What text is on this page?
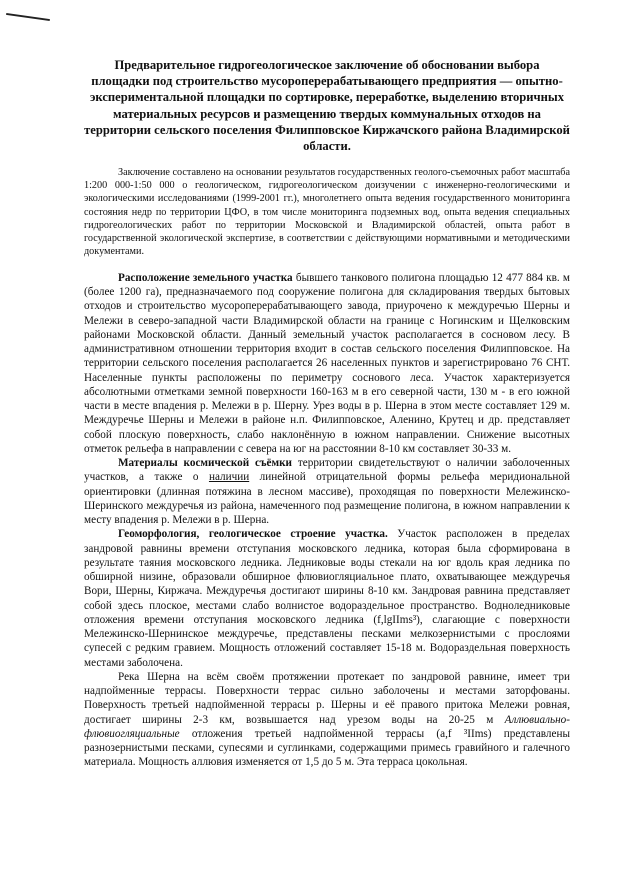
Предварительное гидрогеологическое заключение об обосновании выбора площадки под строительство мусороперерабатывающего предприятия — опытно-экспериментальной площадки по сортировке, переработке, выделению вторичных материальных ресурсов и размещению твердых коммунальных отходов на территории сельского поселения Филипповское Киржачского района Владимирской области.
Заключение составлено на основании результатов государственных геолого-съемочных работ масштаба 1:200 000-1:50 000 о геологическом, гидрогеологическом доизучении с инженерно-геологическими и экологическими исследованиями (1999-2001 гг.), многолетнего опыта ведения государственного мониторинга состояния недр по территории ЦФО, в том числе мониторинга подземных вод, опыта ведения специальных гидрогеологических работ по территории Московской и Владимирской областей, опыта работ в государственной экологической экспертизе, в соответствии с действующими нормативными и методическими документами.

Расположение земельного участка бывшего танкового полигона площадью 12 477 884 кв. м (более 1200 га), предназначаемого под сооружение полигона для складирования твердых бытовых отходов и строительство мусороперерабатывающего завода, приурочено к междуречью Шерны и Мележи в северо-западной части Владимирской области на границе с Ногинским и Щелковским районами Московской области. Данный земельный участок располагается в сосновом лесу. В административном отношении территория входит в состав сельского поселения Филипповское. На территории сельского поселения располагается 26 населенных пунктов и зарегистрировано 76 СНТ. Населенные пункты расположены по периметру соснового леса. Участок характеризуется абсолютными отметками земной поверхности 160-163 м в его северной части, 130 м - в его южной части в месте впадения р. Мележи в р. Шерну. Урез воды в р. Шерна в этом месте составляет 129 м. Междуречье Шерны и Мележи в районе н.п. Филипповское, Аленино, Крутец и др. представляет собой плоскую поверхность, слабо наклонённую в южном направлении. Снижение высотных отметок рельефа в направлении с севера на юг на расстоянии 8-10 км составляет 30-33 м.

Материалы космической съёмки территории свидетельствуют о наличии заболоченных участков, а также о наличии линейной отрицательной формы рельефа меридиональной ориентировки (длинная потяжина в лесном массиве), проходящая по поверхности Мележинско-Шеринского междуречья из района, намеченного под размещение полигона, в южном направлении к месту впадения р. Мележи в р. Шерна.

Геоморфология, геологическое строение участка. Участок расположен в пределах зандровой равнины времени отступания московского ледника, которая была сформирована в результате таяния московского ледника. Ледниковые воды стекали на юг вдоль края ледника по обширной низине, образовали обширное флювиогляциальное плато, охватывающее междуречья Вори, Шерны, Киржача. Междуречья достигают ширины 8-10 км. Зандровая равнина представляет собой здесь плоское, местами слабо волнистое водораздельное пространство. Водноледниковые отложения времени отступания московского ледника (f,lgIIms³), слагающие с поверхности Мележинско-Шернинское междуречье, представлены песками мелкозернистыми с прослоями супесей с редким гравием. Мощность отложений составляет 15-18 м. Водораздельная поверхность местами заболочена.

Река Шерна на всём своём протяжении протекает по зандровой равнине, имеет три надпойменные террасы. Поверхности террас сильно заболочены и местами заторфованы. Поверхность третьей надпойменной террасы р. Шерны и её правого притока Мележи ровная, достигает ширины 2-3 км, возвышается над урезом воды на 20-25 м Аллювиально-флювиогляциальные отложения третьей надпойменной террасы (a,f ³IIms) представлены разнозернистыми песками, супесями и суглинками, содержащими примесь гравийного и галечного материала. Мощность аллювия изменяется от 1,5 до 5 м. Эта терраса цокольная.
